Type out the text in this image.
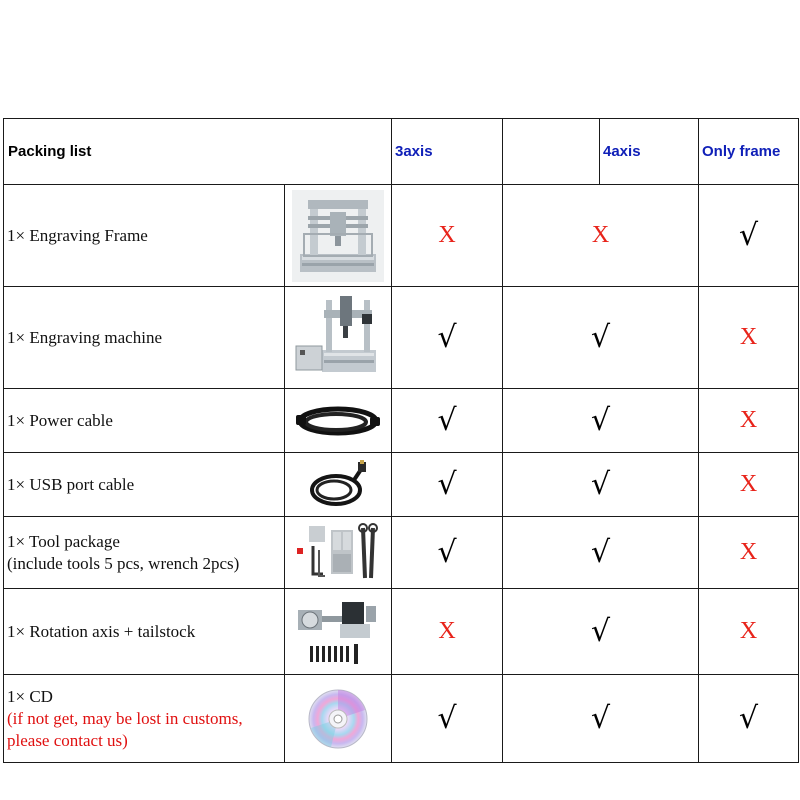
Packing list		3axis		4axis	Only frame
1× Engraving Frame		X	X		√
1× Engraving machine		√	√		X
1× Power cable		√	√		X
1× USB port cable		√	√		X

1× Tool package
(include tools 5 pcs, wrench 2pcs)		√	√		X
1× Rotation axis + tailstock		X	√		X

1× CD
(if not get, may be lost in customs, please contact us)		√	√		√
